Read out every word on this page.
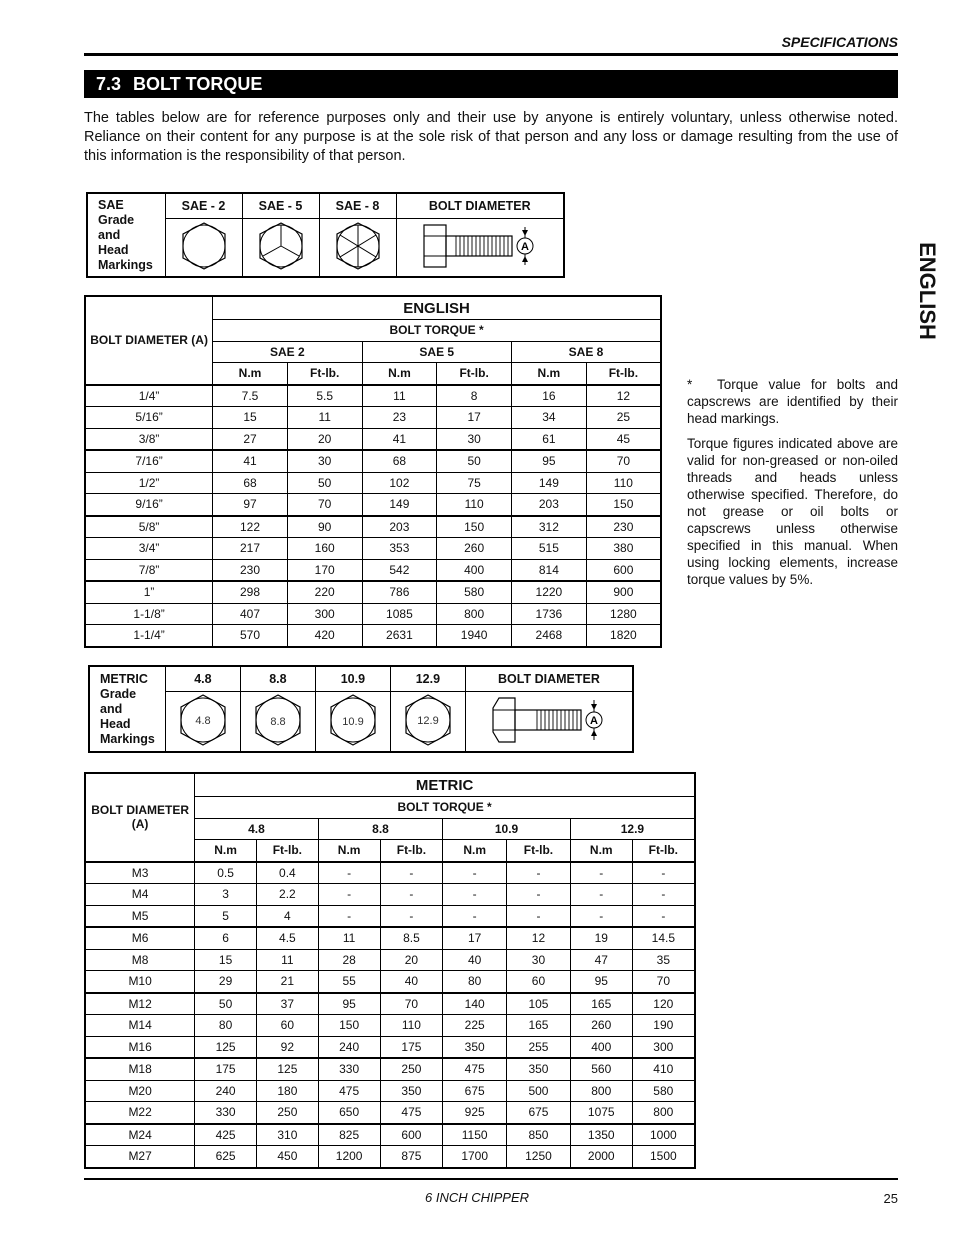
SPECIFICATIONS
7.3 BOLT TORQUE
The tables below are for reference purposes only and their use by anyone is entirely voluntary, unless otherwise noted. Reliance on their content for any purpose is at the sole risk of that person and any loss or damage resulting from the use of this information is the responsibility of that person.
ENGLISH
SAE
Grade
and
Head
Markings	SAE - 2	SAE - 5	SAE - 8	BOLT DIAMETER

A
BOLT DIAMETER (A)	ENGLISH					
	BOLT TORQUE *					
	SAE 2		SAE 5		SAE 8	
	N.m	Ft-lb.	N.m	Ft-lb.	N.m	Ft-lb.
1/4”	7.5	5.5	11	8	16	12
5/16”	15	11	23	17	34	25
3/8”	27	20	41	30	61	45
7/16”	41	30	68	50	95	70
1/2”	68	50	102	75	149	110
9/16”	97	70	149	110	203	150
5/8”	122	90	203	150	312	230
3/4”	217	160	353	260	515	380
7/8”	230	170	542	400	814	600
1”	298	220	786	580	1220	900
1-1/8”	407	300	1085	800	1736	1280
1-1/4”	570	420	2631	1940	2468	1820
* Torque value for bolts and capscrews are identified by their head markings.
Torque figures indicated above are valid for non-greased or non-oiled threads and heads unless otherwise specified. Therefore, do not grease or oil bolts or capscrews unless otherwise specified in this manual. When using locking elements, increase torque values by 5%.
METRIC
Grade
and
Head
Markings	4.8	8.8	10.9	12.9	BOLT DIAMETER

4.8	8.8	10.9	12.9	A
BOLT DIAMETER
(A)	METRIC							
	BOLT TORQUE *							
	4.8		8.8		10.9		12.9	
	N.m	Ft-lb.	N.m	Ft-lb.	N.m	Ft-lb.	N.m	Ft-lb.
M3	0.5	0.4	-	-	-	-	-	-
M4	3	2.2	-	-	-	-	-	-
M5	5	4	-	-	-	-	-	-
M6	6	4.5	11	8.5	17	12	19	14.5
M8	15	11	28	20	40	30	47	35
M10	29	21	55	40	80	60	95	70
M12	50	37	95	70	140	105	165	120
M14	80	60	150	110	225	165	260	190
M16	125	92	240	175	350	255	400	300
M18	175	125	330	250	475	350	560	410
M20	240	180	475	350	675	500	800	580
M22	330	250	650	475	925	675	1075	800
M24	425	310	825	600	1150	850	1350	1000
M27	625	450	1200	875	1700	1250	2000	1500
6 INCH CHIPPER	25
